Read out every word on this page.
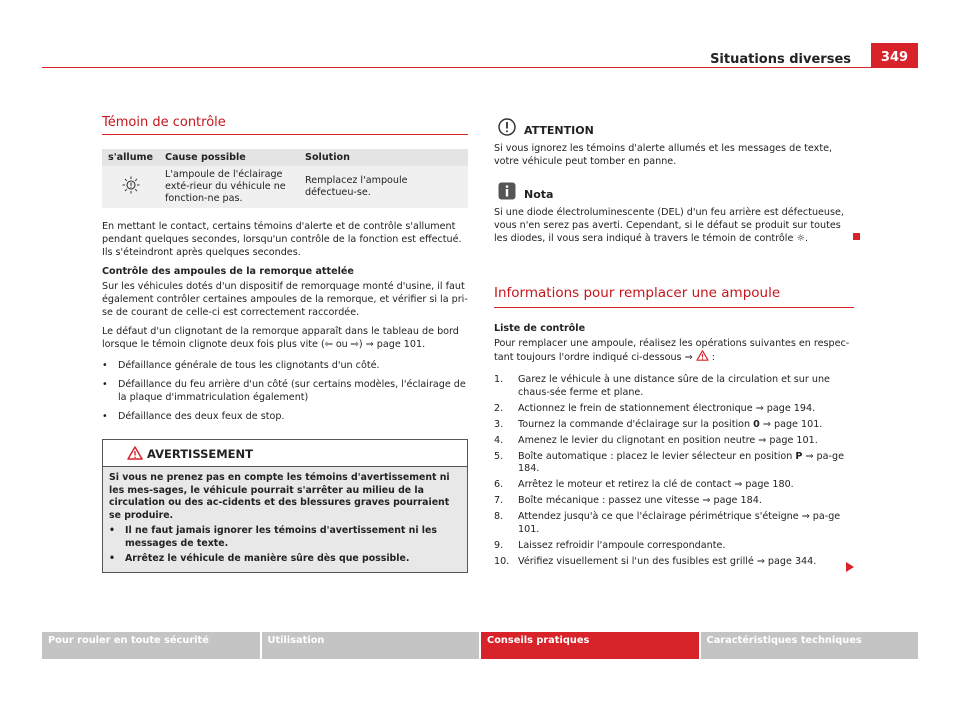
Situations diverses	349
Témoin de contrôle
s'allume	Cause possible	Solution
	L'ampoule de l'éclairage exté-rieur du véhicule ne fonction-ne pas.	Remplacez l'ampoule défectueu-se.

En mettant le contact, certains témoins d'alerte et de contrôle s'allument pendant quelques secondes, lorsqu'un contrôle de la fonction est effectué. Ils s'éteindront après quelques secondes.

Contrôle des ampoules de la remorque attelée

Sur les véhicules dotés d'un dispositif de remorquage monté d'usine, il faut également contrôler certaines ampoules de la remorque, et vérifier si la pri-se de courant de celle-ci est correctement raccordée.

Le défaut d'un clignotant de la remorque apparaît dans le tableau de bord lorsque le témoin clignote deux fois plus vite (⇦ ou ⇨) ⇒ page 101.

• Défaillance générale de tous les clignotants d'un côté.

• Défaillance du feu arrière d'un côté (sur certains modèles, l'éclairage de la plaque d'immatriculation également)

• Défaillance des deux feux de stop.

AVERTISSEMENT
Si vous ne prenez pas en compte les témoins d'avertissement ni les mes-sages, le véhicule pourrait s'arrêter au milieu de la circulation ou des ac-cidents et des blessures graves pourraient se produire.
• Il ne faut jamais ignorer les témoins d'avertissement ni les messages de texte.
• Arrêtez le véhicule de manière sûre dès que possible.
ATTENTION

Si vous ignorez les témoins d'alerte allumés et les messages de texte, votre véhicule peut tomber en panne.

Nota

Si une diode électroluminescente (DEL) d'un feu arrière est défectueuse, vous n'en serez pas averti. Cependant, si le défaut se produit sur toutes les diodes, il vous sera indiqué à travers le témoin de contrôle ☼.

Informations pour remplacer une ampoule

Liste de contrôle

Pour remplacer une ampoule, réalisez les opérations suivantes en respec-tant toujours l'ordre indiqué ci-dessous ⇒ :

1. Garez le véhicule à une distance sûre de la circulation et sur une chaus-sée ferme et plane.
2. Actionnez le frein de stationnement électronique ⇒ page 194.
3. Tournez la commande d'éclairage sur la position 0 ⇒ page 101.
4. Amenez le levier du clignotant en position neutre ⇒ page 101.
5. Boîte automatique : placez le levier sélecteur en position P ⇒ pa-ge 184.
6. Arrêtez le moteur et retirez la clé de contact ⇒ page 180.
7. Boîte mécanique : passez une vitesse ⇒ page 184.
8. Attendez jusqu'à ce que l'éclairage périmétrique s'éteigne ⇒ pa-ge 101.
9. Laissez refroidir l'ampoule correspondante.
10. Vérifiez visuellement si l'un des fusibles est grillé ⇒ page 344.
Pour rouler en toute sécurité	Utilisation	Conseils pratiques	Caractéristiques techniques
